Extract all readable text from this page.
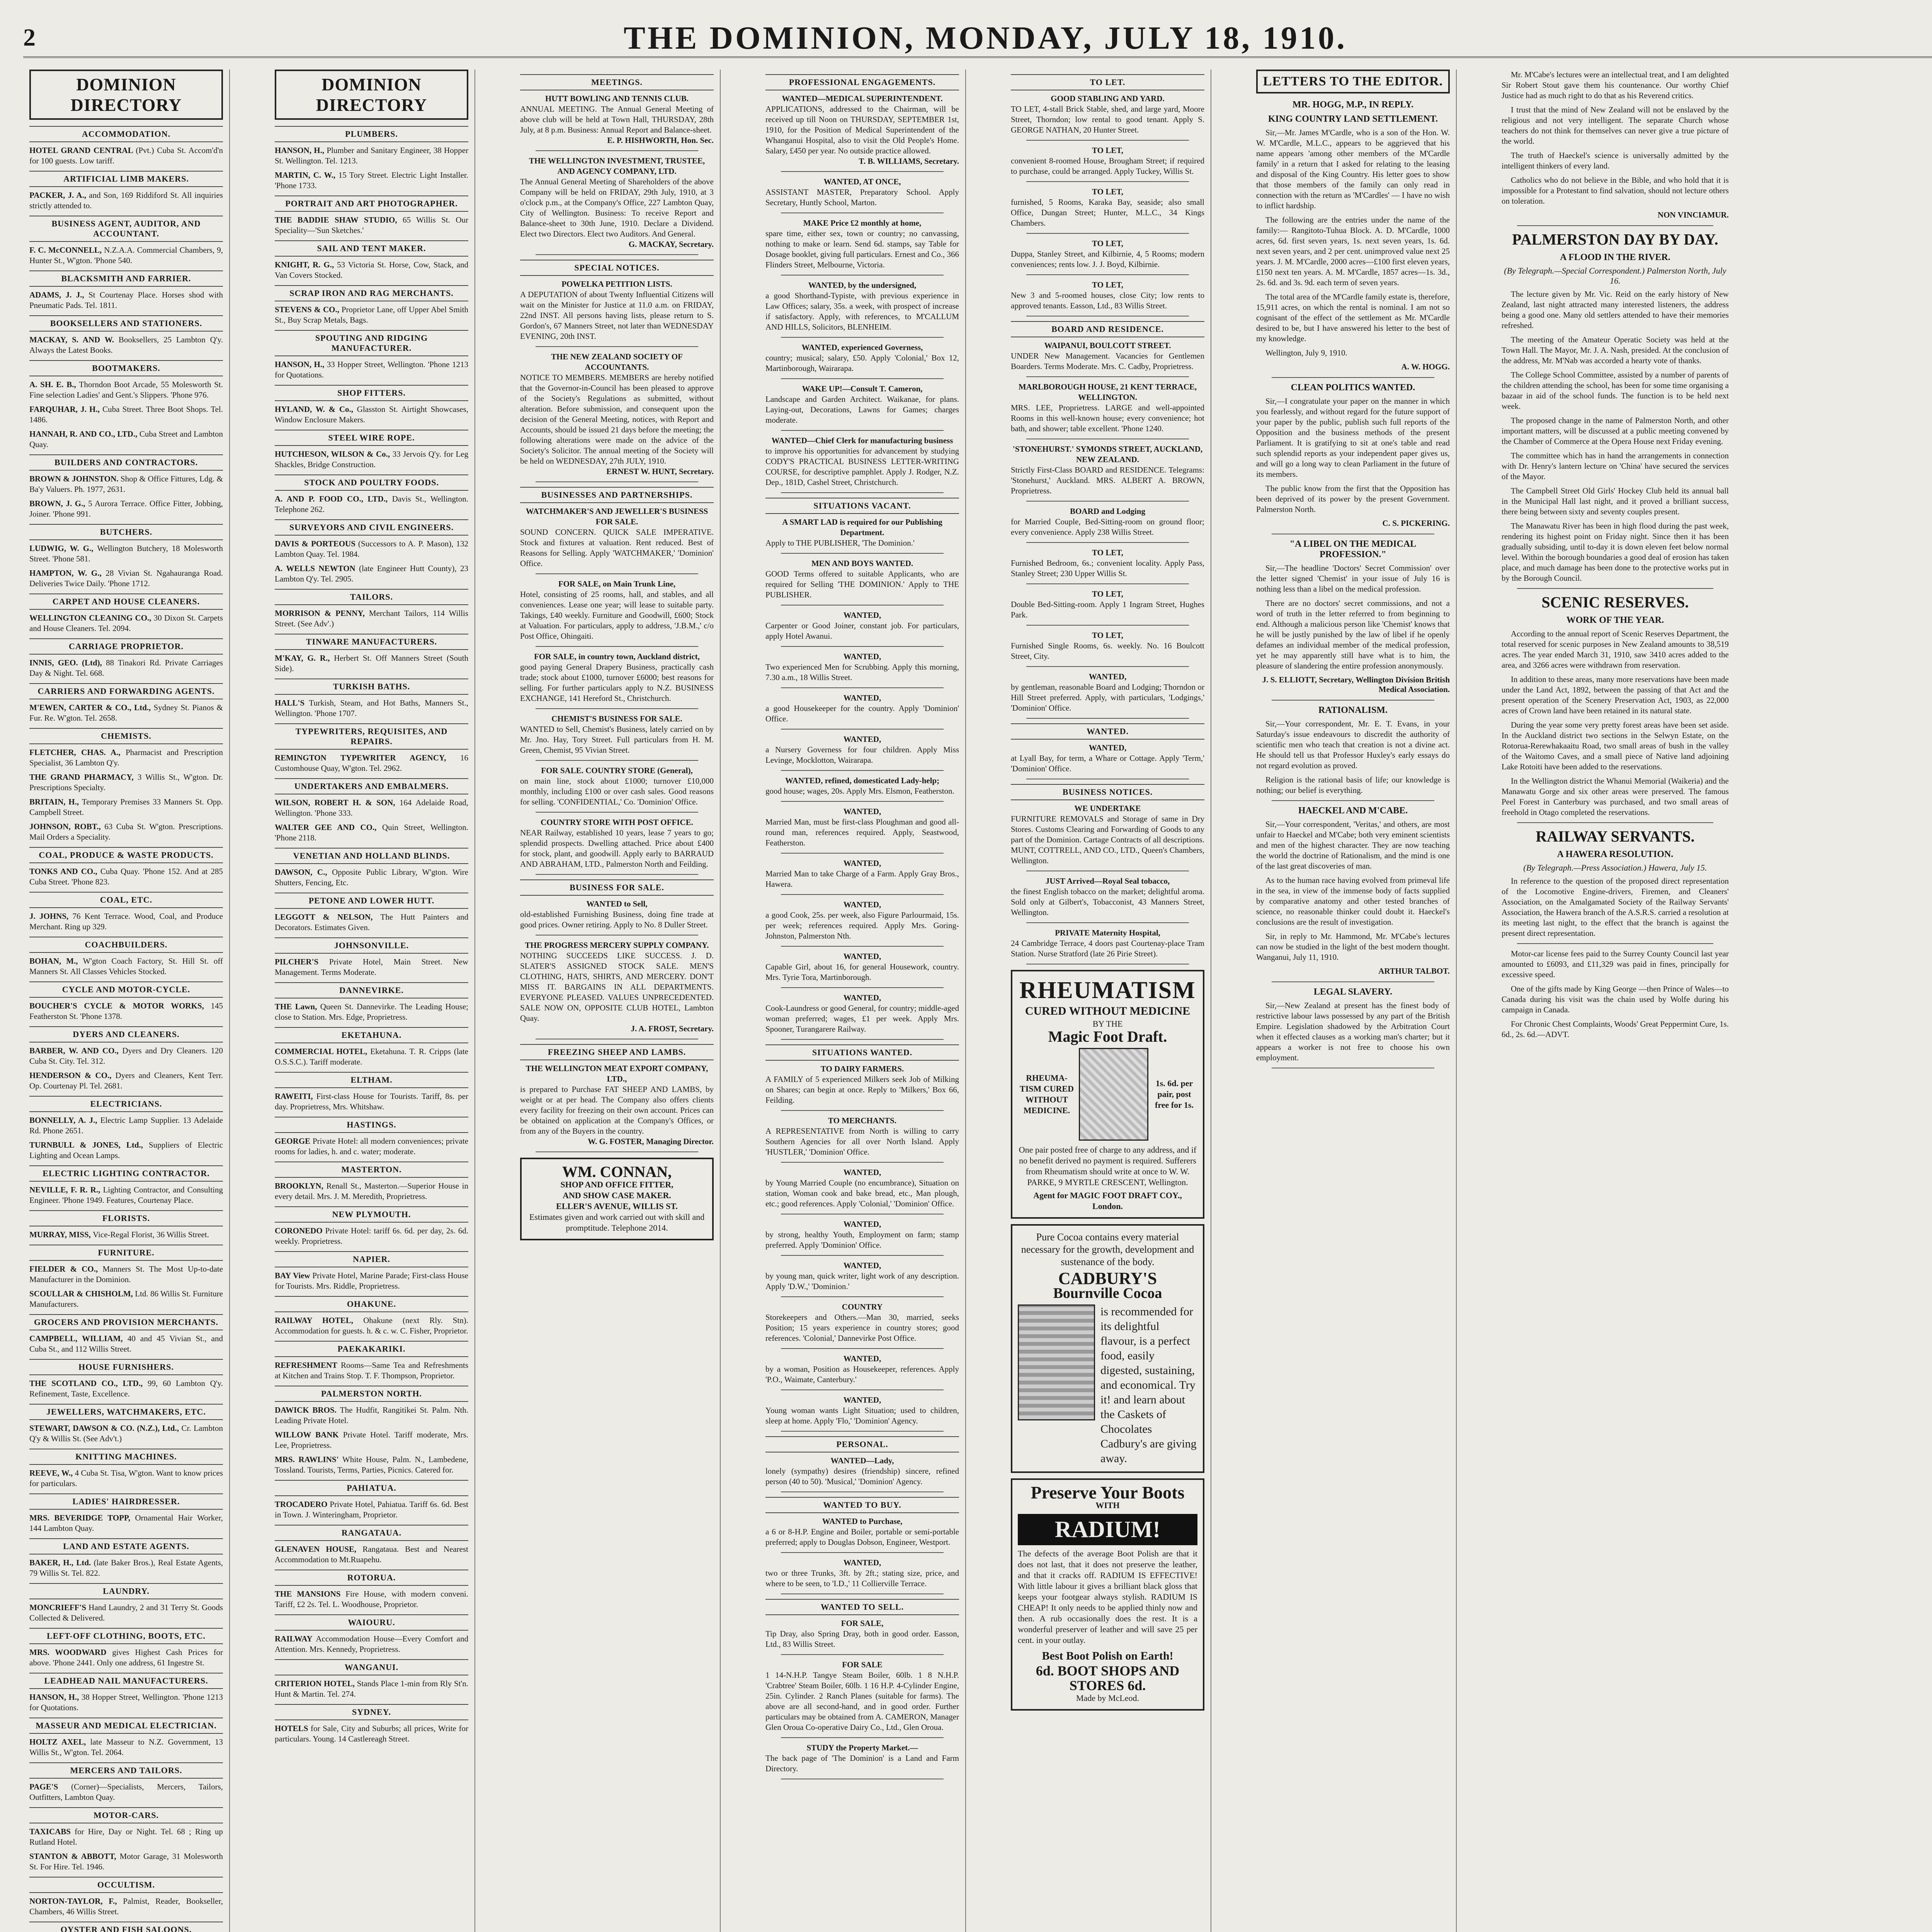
2	THE DOMINION, MONDAY, JULY 18, 1910.
DOMINION DIRECTORY
ACCOMMODATION.
HOTEL GRAND CENTRAL (Pvt.) Cuba St. Accom'd'n for 100 guests. Low tariff.
ARTIFICIAL LIMB MAKERS.
PACKER, J. A., and Son, 169 Riddiford St. All inquiries strictly attended to.
BUSINESS AGENT, AUDITOR, AND ACCOUNTANT.
F. C. McCONNELL, N.Z.A.A. Commercial Chambers, 9, Hunter St., W'gton. 'Phone 540.
BLACKSMITH AND FARRIER.
ADAMS, J. J., St Courtenay Place. Horses shod with Pneumatic Pads. Tel. 1811.
BOOKSELLERS AND STATIONERS.
MACKAY, S. AND W. Booksellers, 25 Lambton Q'y. Always the Latest Books.
BOOTMAKERS.
A. SH. E. B., Thorndon Boot Arcade, 55 Molesworth St. Fine selection Ladies' and Gent.'s Slippers. 'Phone 976.
FARQUHAR, J. H., Cuba Street. Three Boot Shops. Tel. 1486.
HANNAH, R. AND CO., LTD., Cuba Street and Lambton Quay.
BUILDERS AND CONTRACTORS.
BROWN & JOHNSTON. Shop & Office Fittures, Ldg. & Ba'y Valuers. Ph. 1977, 2631.
BROWN, J. G., 5 Aurora Terrace. Office Fitter, Jobbing, Joiner. 'Phone 991.
BUTCHERS.
LUDWIG, W. G., Wellington Butchery, 18 Molesworth Street. 'Phone 581.
HAMPTON, W. G., 28 Vivian St. Ngahauranga Road. Deliveries Twice Daily. 'Phone 1712.
CARPET AND HOUSE CLEANERS.
WELLINGTON CLEANING CO., 30 Dixon St. Carpets and House Cleaners. Tel. 2094.
CARRIAGE PROPRIETOR.
INNIS, GEO. (Ltd), 88 Tinakori Rd. Private Carriages Day & Night. Tel. 668.
CARRIERS AND FORWARDING AGENTS.
M'EWEN, CARTER & CO., Ltd., Sydney St. Pianos & Fur. Re. W'gton. Tel. 2658.
CHEMISTS.
FLETCHER, CHAS. A., Pharmacist and Prescription Specialist, 36 Lambton Q'y.
THE GRAND PHARMACY, 3 Willis St., W'gton. Dr. Prescriptions Specialty.
BRITAIN, H., Temporary Premises 33 Manners St. Opp. Campbell Street.
JOHNSON, ROBT., 63 Cuba St. W'gton. Prescriptions. Mail Orders a Speciality.
COAL, PRODUCE & WASTE PRODUCTS.
TONKS AND CO., Cuba Quay. 'Phone 152. And at 285 Cuba Street. 'Phone 823.
COAL, ETC.
J. JOHNS, 76 Kent Terrace. Wood, Coal, and Produce Merchant. Ring up 329.
COACHBUILDERS.
BOHAN, M., W'gton Coach Factory, St. Hill St. off Manners St. All Classes Vehicles Stocked.
CYCLE AND MOTOR-CYCLE.
BOUCHER'S CYCLE & MOTOR WORKS, 145 Featherston St. 'Phone 1378.
DYERS AND CLEANERS.
BARBER, W. AND CO., Dyers and Dry Cleaners. 120 Cuba St. City. Tel. 312.
HENDERSON & CO., Dyers and Cleaners, Kent Terr. Op. Courtenay Pl. Tel. 2681.
ELECTRICIANS.
BONNELLY, A. J., Electric Lamp Supplier. 13 Adelaide Rd. Phone 2651.
TURNBULL & JONES, Ltd., Suppliers of Electric Lighting and Ocean Lamps.
ELECTRIC LIGHTING CONTRACTOR.
NEVILLE, F. R. R., Lighting Contractor, and Consulting Engineer. 'Phone 1949. Features, Courtenay Place.
FLORISTS.
MURRAY, MISS, Vice-Regal Florist, 36 Willis Street.
FURNITURE.
FIELDER & CO., Manners St. The Most Up-to-date Manufacturer in the Dominion.
SCOULLAR & CHISHOLM, Ltd. 86 Willis St. Furniture Manufacturers.
GROCERS AND PROVISION MERCHANTS.
CAMPBELL, WILLIAM, 40 and 45 Vivian St., and Cuba St., and 112 Willis Street.
HOUSE FURNISHERS.
THE SCOTLAND CO., LTD., 99, 60 Lambton Q'y. Refinement, Taste, Excellence.
JEWELLERS, WATCHMAKERS, ETC.
STEWART, DAWSON & CO. (N.Z.), Ltd., Cr. Lambton Q'y & Willis St. (See Adv't.)
KNITTING MACHINES.
REEVE, W., 4 Cuba St. Tisa, W'gton. Want to know prices for particulars.
LADIES' HAIRDRESSER.
MRS. BEVERIDGE TOPP, Ornamental Hair Worker, 144 Lambton Quay.
LAND AND ESTATE AGENTS.
BAKER, H., Ltd. (late Baker Bros.), Real Estate Agents, 79 Willis St. Tel. 822.
LAUNDRY.
MONCRIEFF'S Hand Laundry, 2 and 31 Terry St. Goods Collected & Delivered.
LEFT-OFF CLOTHING, BOOTS, ETC.
MRS. WOODWARD gives Highest Cash Prices for above. 'Phone 2441. Only one address, 61 Ingestre St.
LEADHEAD NAIL MANUFACTURERS.
HANSON, H., 38 Hopper Street, Wellington. 'Phone 1213 for Quotations.
MASSEUR AND MEDICAL ELECTRICIAN.
HOLTZ AXEL, late Masseur to N.Z. Government, 13 Willis St., W'gton. Tel. 2064.
MERCERS AND TAILORS.
PAGE'S (Corner)—Specialists, Mercers, Tailors, Outfitters, Lambton Quay.
MOTOR-CARS.
TAXICABS for Hire, Day or Night. Tel. 68 ; Ring up Rutland Hotel.
STANTON & ABBOTT, Motor Garage, 31 Molesworth St. For Hire. Tel. 1946.
OCCULTISM.
NORTON-TAYLOR, F., Palmist, Reader, Bookseller, Chambers, 46 Willis Street.
OYSTER AND FISH SALOONS.
DOMINION DIRECTORY
PLUMBERS.
HANSON, H., Plumber and Sanitary Engineer, 38 Hopper St. Wellington. Tel. 1213.
MARTIN, C. W., 15 Tory Street. Electric Light Installer. 'Phone 1733.
PORTRAIT AND ART PHOTOGRAPHER.
THE BADDIE SHAW STUDIO, 65 Willis St. Our Speciality—'Sun Sketches.'
SAIL AND TENT MAKER.
KNIGHT, R. G., 53 Victoria St. Horse, Cow, Stack, and Van Covers Stocked.
SCRAP IRON AND RAG MERCHANTS.
STEVENS & CO., Proprietor Lane, off Upper Abel Smith St., Buy Scrap Metals, Bags.
SPOUTING AND RIDGING MANUFACTURER.
HANSON, H., 33 Hopper Street, Wellington. 'Phone 1213 for Quotations.
SHOP FITTERS.
HYLAND, W. & Co., Glasston St. Airtight Showcases, Window Enclosure Makers.
STEEL WIRE ROPE.
HUTCHESON, WILSON & Co., 33 Jervois Q'y. for Leg Shackles, Bridge Construction.
STOCK AND POULTRY FOODS.
A. AND P. FOOD CO., LTD., Davis St., Wellington. Telephone 262.
SURVEYORS AND CIVIL ENGINEERS.
DAVIS & PORTEOUS (Successors to A. P. Mason), 132 Lambton Quay. Tel. 1984.
A. WELLS NEWTON (late Engineer Hutt County), 23 Lambton Q'y. Tel. 2905.
TAILORS.
MORRISON & PENNY, Merchant Tailors, 114 Willis Street. (See Adv'.)
TINWARE MANUFACTURERS.
M'KAY, G. R., Herbert St. Off Manners Street (South Side).
TURKISH BATHS.
HALL'S Turkish, Steam, and Hot Baths, Manners St., Wellington. 'Phone 1707.
TYPEWRITERS, REQUISITES, AND REPAIRS.
REMINGTON TYPEWRITER AGENCY, 16 Customhouse Quay, W'gton. Tel. 2962.
UNDERTAKERS AND EMBALMERS.
WILSON, ROBERT H. & SON, 164 Adelaide Road, Wellington. 'Phone 333.
WALTER GEE AND CO., Quin Street, Wellington. 'Phone 2118.
VENETIAN AND HOLLAND BLINDS.
DAWSON, C., Opposite Public Library, W'gton. Wire Shutters, Fencing, Etc.
PETONE AND LOWER HUTT.
LEGGOTT & NELSON, The Hutt Painters and Decorators. Estimates Given.
JOHNSONVILLE.
PILCHER'S Private Hotel, Main Street. New Management. Terms Moderate.
DANNEVIRKE.
THE Lawn, Queen St. Dannevirke. The Leading House; close to Station. Mrs. Edge, Proprietress.
EKETAHUNA.
COMMERCIAL HOTEL, Eketahuna. T. R. Cripps (late O.S.S.C.). Tariff moderate.
ELTHAM.
RAWEITI, First-class House for Tourists. Tariff, 8s. per day. Proprietress, Mrs. Whitshaw.
HASTINGS.
GEORGE Private Hotel: all modern conveniences; private rooms for ladies, h. and c. water; moderate.
MASTERTON.
BROOKLYN, Renall St., Masterton.—Superior House in every detail. Mrs. J. M. Meredith, Proprietress.
NEW PLYMOUTH.
CORONEDO Private Hotel: tariff 6s. 6d. per day, 2s. 6d. weekly. Proprietress.
NAPIER.
BAY View Private Hotel, Marine Parade; First-class House for Tourists. Mrs. Riddle, Proprietress.
OHAKUNE.
RAILWAY HOTEL, Ohakune (next Rly. Stn). Accommodation for guests. h. & c. w. C. Fisher, Proprietor.
PAEKAKARIKI.
REFRESHMENT Rooms—Same Tea and Refreshments at Kitchen and Trains Stop. T. F. Thompson, Proprietor.
PALMERSTON NORTH.
DAWICK BROS. The Hudfit, Rangitikei St. Palm. Nth. Leading Private Hotel.
WILLOW BANK Private Hotel. Tariff moderate, Mrs. Lee, Proprietress.
MRS. RAWLINS' White House, Palm. N., Lambedene, Tossland. Tourists, Terms, Parties, Picnics. Catered for.
PAHIATUA.
TROCADERO Private Hotel, Pahiatua. Tariff 6s. 6d. Best in Town. J. Winteringham, Proprietor.
RANGATAUA.
GLENAVEN HOUSE, Rangataua. Best and Nearest Accommodation to Mt.Ruapehu.
ROTORUA.
THE MANSIONS Fire House, with modern conveni. Tariff, £2 2s. Tel. L. Woodhouse, Proprietor.
WAIOURU.
RAILWAY Accommodation House—Every Comfort and Attention. Mrs. Kennedy, Proprietress.
WANGANUI.
CRITERION HOTEL, Stands Place 1-min from Rly St'n. Hunt & Martin. Tel. 274.
SYDNEY.
HOTELS for Sale, City and Suburbs; all prices, Write for particulars. Young. 14 Castlereagh Street.
MEETINGS.
HUTT BOWLING AND TENNIS CLUB.
ANNUAL MEETING. The Annual General Meeting of above club will be held at Town Hall, THURSDAY, 28th July, at 8 p.m. Business: Annual Report and Balance-sheet.
E. P. HISHWORTH, Hon. Sec.
THE WELLINGTON INVESTMENT, TRUSTEE, AND AGENCY COMPANY, LTD.
The Annual General Meeting of Shareholders of the above Company will be held on FRIDAY, 29th July, 1910, at 3 o'clock p.m., at the Company's Office, 227 Lambton Quay, City of Wellington. Business: To receive Report and Balance-sheet to 30th June, 1910. Declare a Dividend. Elect two Directors. Elect two Auditors. And General.
G. MACKAY, Secretary.
SPECIAL NOTICES.
POWELKA PETITION LISTS.
A DEPUTATION of about Twenty Influential Citizens will wait on the Minister for Justice at 11.0 a.m. on FRIDAY, 22nd INST. All persons having lists, please return to S. Gordon's, 67 Manners Street, not later than WEDNESDAY EVENING, 20th INST.
THE NEW ZEALAND SOCIETY OF ACCOUNTANTS.
NOTICE TO MEMBERS. MEMBERS are hereby notified that the Governor-in-Council has been pleased to approve of the Society's Regulations as submitted, without alteration. Before submission, and consequent upon the decision of the General Meeting, notices, with Report and Accounts, should be issued 21 days before the meeting; the following alterations were made on the advice of the Society's Solicitor. The annual meeting of the Society will be held on WEDNESDAY, 27th JULY, 1910.
ERNEST W. HUNT, Secretary.
BUSINESSES AND PARTNERSHIPS.
WATCHMAKER'S AND JEWELLER'S BUSINESS FOR SALE.
SOUND CONCERN. QUICK SALE IMPERATIVE. Stock and fixtures at valuation. Rent reduced. Best of Reasons for Selling. Apply 'WATCHMAKER,' 'Dominion' Office.
FOR SALE, on Main Trunk Line,
Hotel, consisting of 25 rooms, hall, and stables, and all conveniences. Lease one year; will lease to suitable party. Takings, £40 weekly. Furniture and Goodwill, £600; Stock at Valuation. For particulars, apply to address, 'J.B.M.,' c/o Post Office, Ohingaiti.
FOR SALE, in country town, Auckland district,
good paying General Drapery Business, practically cash trade; stock about £1000, turnover £6000; best reasons for selling. For further particulars apply to N.Z. BUSINESS EXCHANGE, 141 Hereford St., Christchurch.
CHEMIST'S BUSINESS FOR SALE.
WANTED to Sell, Chemist's Business, lately carried on by Mr. Jno. Hay, Tory Street. Full particulars from H. M. Green, Chemist, 95 Vivian Street.
FOR SALE. COUNTRY STORE (General),
on main line, stock about £1000; turnover £10,000 monthly, including £100 or over cash sales. Good reasons for selling. 'CONFIDENTIAL,' Co. 'Dominion' Office.
COUNTRY STORE WITH POST OFFICE.
NEAR Railway, established 10 years, lease 7 years to go; splendid prospects. Dwelling attached. Price about £400 for stock, plant, and goodwill. Apply early to BARRAUD AND ABRAHAM, LTD., Palmerston North and Feilding.
BUSINESS FOR SALE.
WANTED to Sell,
old-established Furnishing Business, doing fine trade at good prices. Owner retiring. Apply to No. 8 Duller Street.
THE PROGRESS MERCERY SUPPLY COMPANY.
NOTHING SUCCEEDS LIKE SUCCESS. J. D. SLATER'S ASSIGNED STOCK SALE. MEN'S CLOTHING, HATS, SHIRTS, AND MERCERY. DON'T MISS IT. BARGAINS IN ALL DEPARTMENTS. EVERYONE PLEASED. VALUES UNPRECEDENTED. SALE NOW ON, OPPOSITE CLUB HOTEL, Lambton Quay.
J. A. FROST, Secretary.
FREEZING SHEEP AND LAMBS.
THE WELLINGTON MEAT EXPORT COMPANY, LTD.,
is prepared to Purchase FAT SHEEP AND LAMBS, by weight or at per head. The Company also offers clients every facility for freezing on their own account. Prices can be obtained on application at the Company's Offices, or from any of the Buyers in the country.
W. G. FOSTER, Managing Director.
WM. CONNAN,
SHOP AND OFFICE FITTER,
AND SHOW CASE MAKER.
ELLER'S AVENUE, WILLIS ST.
Estimates given and work carried out with skill and promptitude. Telephone 2014.
PROFESSIONAL ENGAGEMENTS.
WANTED—MEDICAL SUPERINTENDENT.
APPLICATIONS, addressed to the Chairman, will be received up till Noon on THURSDAY, SEPTEMBER 1st, 1910, for the Position of Medical Superintendent of the Whanganui Hospital, also to visit the Old People's Home. Salary, £450 per year. No outside practice allowed.
T. B. WILLIAMS, Secretary.
WANTED, AT ONCE,
ASSISTANT MASTER, Preparatory School. Apply Secretary, Huntly School, Marton.
MAKE Price £2 monthly at home,
spare time, either sex, town or country; no canvassing, nothing to make or learn. Send 6d. stamps, say Table for Dosage booklet, giving full particulars. Ernest and Co., 366 Flinders Street, Melbourne, Victoria.
WANTED, by the undersigned,
a good Shorthand-Typiste, with previous experience in Law Offices; salary, 35s. a week, with prospect of increase if satisfactory. Apply, with references, to M'CALLUM AND HILLS, Solicitors, BLENHEIM.
WANTED, experienced Governess,
country; musical; salary, £50. Apply 'Colonial,' Box 12, Martinborough, Wairarapa.
WAKE UP!—Consult T. Cameron,
Landscape and Garden Architect. Waikanae, for plans. Laying-out, Decorations, Lawns for Games; charges moderate.
WANTED—Chief Clerk for manufacturing business
to improve his opportunities for advancement by studying CODY'S PRACTICAL BUSINESS LETTER-WRITING COURSE, for descriptive pamphlet. Apply J. Rodger, N.Z. Dep., 181D, Cashel Street, Christchurch.
SITUATIONS VACANT.
A SMART LAD is required for our Publishing Department.
Apply to THE PUBLISHER, 'The Dominion.'
MEN AND BOYS WANTED.
GOOD Terms offered to suitable Applicants, who are required for Selling 'THE DOMINION.' Apply to THE PUBLISHER.
WANTED,
Carpenter or Good Joiner, constant job. For particulars, apply Hotel Awanui.
WANTED,
Two experienced Men for Scrubbing. Apply this morning, 7.30 a.m., 18 Willis Street.
WANTED,
a good Housekeeper for the country. Apply 'Dominion' Office.
WANTED,
a Nursery Governess for four children. Apply Miss Levinge, Mocklotton, Wairarapa.
WANTED, refined, domesticated Lady-help;
good house; wages, 20s. Apply Mrs. Elsmon, Featherston.
WANTED,
Married Man, must be first-class Ploughman and good all-round man, references required. Apply, Seastwood, Featherston.
WANTED,
Married Man to take Charge of a Farm. Apply Gray Bros., Hawera.
WANTED,
a good Cook, 25s. per week, also Figure Parlourmaid, 15s. per week; references required. Apply Mrs. Goring-Johnston, Palmerston Nth.
WANTED,
Capable Girl, about 16, for general Housework, country. Mrs. Tyrie Tora, Martinborough.
WANTED,
Cook-Laundress or good General, for country; middle-aged woman preferred; wages, £1 per week. Apply Mrs. Spooner, Turangarere Railway.
SITUATIONS WANTED.
TO DAIRY FARMERS.
A FAMILY of 5 experienced Milkers seek Job of Milking on Shares; can begin at once. Reply to 'Milkers,' Box 66, Feilding.
TO MERCHANTS.
A REPRESENTATIVE from North is willing to carry Southern Agencies for all over North Island. Apply 'HUSTLER,' 'Dominion' Office.
WANTED,
by Young Married Couple (no encumbrance), Situation on station, Woman cook and bake bread, etc., Man plough, etc.; good references. Apply 'Colonial,' 'Dominion' Office.
WANTED,
by strong, healthy Youth, Employment on farm; stamp preferred. Apply 'Dominion' Office.
WANTED,
by young man, quick writer, light work of any description. Apply 'D.W.,' 'Dominion.'
COUNTRY
Storekeepers and Others.—Man 30, married, seeks Position; 15 years experience in country stores; good references. 'Colonial,' Dannevirke Post Office.
WANTED,
by a woman, Position as Housekeeper, references. Apply 'P.O., Waimate, Canterbury.'
WANTED,
Young woman wants Light Situation; used to children, sleep at home. Apply 'Flo,' 'Dominion' Agency.
PERSONAL.
WANTED—Lady,
lonely (sympathy) desires (friendship) sincere, refined person (40 to 50). 'Musical,' 'Dominion' Agency.
WANTED TO BUY.
WANTED to Purchase,
a 6 or 8-H.P. Engine and Boiler, portable or semi-portable preferred; apply to Douglas Dobson, Engineer, Westport.
WANTED,
two or three Trunks, 3ft. by 2ft.; stating size, price, and where to be seen, to 'I.D.,' 11 Collierville Terrace.
WANTED TO SELL.
FOR SALE,
Tip Dray, also Spring Dray, both in good order. Easson, Ltd., 83 Willis Street.
FOR SALE
1 14-N.H.P. Tangye Steam Boiler, 60lb. 1 8 N.H.P. 'Crabtree' Steam Boiler, 60lb. 1 16 H.P. 4-Cylinder Engine, 25in. Cylinder. 2 Ranch Planes (suitable for farms). The above are all second-hand, and in good order. Further particulars may be obtained from A. CAMERON, Manager Glen Oroua Co-operative Dairy Co., Ltd., Glen Oroua.
STUDY the Property Market.—
The back page of 'The Dominion' is a Land and Farm Directory.
TO LET.
GOOD STABLING AND YARD.
TO LET, 4-stall Brick Stable, shed, and large yard, Moore Street, Thorndon; low rental to good tenant. Apply S. GEORGE NATHAN, 20 Hunter Street.
TO LET,
convenient 8-roomed House, Brougham Street; if required to purchase, could be arranged. Apply Tuckey, Willis St.
TO LET,
furnished, 5 Rooms, Karaka Bay, seaside; also small Office, Dungan Street; Hunter, M.L.C., 34 Kings Chambers.
TO LET,
Duppa, Stanley Street, and Kilbirnie, 4, 5 Rooms; modern conveniences; rents low. J. J. Boyd, Kilbirnie.
TO LET,
New 3 and 5-roomed houses, close City; low rents to approved tenants. Easson, Ltd., 83 Willis Street.
BOARD AND RESIDENCE.
WAIPANUI, BOULCOTT STREET.
UNDER New Management. Vacancies for Gentlemen Boarders. Terms Moderate. Mrs. C. Cadby, Proprietress.
MARLBOROUGH HOUSE, 21 KENT TERRACE, WELLINGTON.
MRS. LEE, Proprietress. LARGE and well-appointed Rooms in this well-known house; every convenience; hot bath, and shower; table excellent. 'Phone 1240.
'STONEHURST.' SYMONDS STREET, AUCKLAND, NEW ZEALAND.
Strictly First-Class BOARD and RESIDENCE. Telegrams: 'Stonehurst,' Auckland. MRS. ALBERT A. BROWN, Proprietress.
BOARD and Lodging
for Married Couple, Bed-Sitting-room on ground floor; every convenience. Apply 238 Willis Street.
TO LET,
Furnished Bedroom, 6s.; convenient locality. Apply Pass, Stanley Street; 230 Upper Willis St.
TO LET,
Double Bed-Sitting-room. Apply 1 Ingram Street, Hughes Park.
TO LET,
Furnished Single Rooms, 6s. weekly. No. 16 Boulcott Street, City.
WANTED,
by gentleman, reasonable Board and Lodging; Thorndon or Hill Street preferred. Apply, with particulars, 'Lodgings,' 'Dominion' Office.
WANTED.
WANTED,
at Lyall Bay, for term, a Whare or Cottage. Apply 'Term,' 'Dominion' Office.
BUSINESS NOTICES.
WE UNDERTAKE
FURNITURE REMOVALS and Storage of same in Dry Stores. Customs Clearing and Forwarding of Goods to any part of the Dominion. Cartage Contracts of all descriptions. MUNT, COTTRELL, AND CO., LTD., Queen's Chambers, Wellington.
JUST Arrived—Royal Seal tobacco,
the finest English tobacco on the market; delightful aroma. Sold only at Gilbert's, Tobacconist, 43 Manners Street, Wellington.
PRIVATE Maternity Hospital,
24 Cambridge Terrace, 4 doors past Courtenay-place Tram Station. Nurse Stratford (late 26 Pirie Street).
RHEUMATISM
CURED WITHOUT MEDICINE
BY THE
Magic Foot Draft.
RHEUMA-TISM CURED WITHOUT MEDICINE.
1s. 6d. per pair, post free for 1s.
One pair posted free of charge to any address, and if no benefit derived no payment is required. Sufferers from Rheumatism should write at once to W. W. PARKE, 9 MYRTLE CRESCENT, Wellington.
Agent for MAGIC FOOT DRAFT COY., London.
Pure Cocoa contains every material necessary for the growth, development and sustenance of the body.
CADBURY'S
Bournville Cocoa
is recommended for its delightful flavour, is a perfect food, easily digested, sustaining, and economical. Try it! and learn about the Caskets of Chocolates Cadbury's are giving away.
Preserve Your Boots
WITH
RADIUM!
The defects of the average Boot Polish are that it does not last, that it does not preserve the leather, and that it cracks off. RADIUM IS EFFECTIVE! With little labour it gives a brilliant black gloss that keeps your footgear always stylish. RADIUM IS CHEAP! It only needs to be applied thinly now and then. A rub occasionally does the rest. It is a wonderful preserver of leather and will save 25 per cent. in your outlay.
Best Boot Polish on Earth!
6d. BOOT SHOPS AND STORES 6d.
Made by McLeod.
LETTERS TO THE EDITOR.
MR. HOGG, M.P., IN REPLY.
KING COUNTRY LAND SETTLEMENT.

Sir,—Mr. James M'Cardle, who is a son of the Hon. W. W. M'Cardle, M.L.C., appears to be aggrieved that his name appears 'among other members of the M'Cardle family' in a return that I asked for relating to the leasing and disposal of the King Country. His letter goes to show that those members of the family can only read in connection with the return as 'M'Cardles' — I have no wish to inflict hardship.

The following are the entries under the name of the family:— Rangitoto-Tuhua Block. A. D. M'Cardle, 1000 acres, 6d. first seven years, 1s. next seven years, 1s. 6d. next seven years, and 2 per cent. unimproved value next 25 years. J. M. M'Cardle, 2000 acres—£100 first eleven years, £150 next ten years. A. M. M'Cardle, 1857 acres—1s. 3d., 2s. 6d. and 3s. 9d. each term of seven years.

The total area of the M'Cardle family estate is, therefore, 15,911 acres, on which the rental is nominal. I am not so cognisant of the effect of the settlement as Mr. M'Cardle desired to be, but I have answered his letter to the best of my knowledge.

Wellington, July 9, 1910.

A. W. HOGG.
CLEAN POLITICS WANTED.

Sir,—I congratulate your paper on the manner in which you fearlessly, and without regard for the future support of your paper by the public, publish such full reports of the Opposition and the business methods of the present Parliament. It is gratifying to sit at one's table and read such splendid reports as your independent paper gives us, and will go a long way to clean Parliament in the future of its members.

The public know from the first that the Opposition has been deprived of its power by the present Government. Palmerston North.

C. S. PICKERING.
"A LIBEL ON THE MEDICAL PROFESSION."

Sir,—The headline 'Doctors' Secret Commission' over the letter signed 'Chemist' in your issue of July 16 is nothing less than a libel on the medical profession.

There are no doctors' secret commissions, and not a word of truth in the letter referred to from beginning to end. Although a malicious person like 'Chemist' knows that he will be justly punished by the law of libel if he openly defames an individual member of the medical profession, yet he may apparently still have what is to him, the pleasure of slandering the entire profession anonymously.

J. S. ELLIOTT, Secretary, Wellington Division British Medical Association.
RATIONALISM.

Sir,—Your correspondent, Mr. E. T. Evans, in your Saturday's issue endeavours to discredit the authority of scientific men who teach that creation is not a divine act. He should tell us that Professor Huxley's early essays do not regard evolution as proved.

Religion is the rational basis of life; our knowledge is nothing; our belief is everything.

HAECKEL AND M'CABE.

Sir,—Your correspondent, 'Veritas,' and others, are most unfair to Haeckel and M'Cabe; both very eminent scientists and men of the highest character. They are now teaching the world the doctrine of Rationalism, and the mind is one of the last great discoveries of man.

As to the human race having evolved from primeval life in the sea, in view of the immense body of facts supplied by comparative anatomy and other tested branches of science, no reasonable thinker could doubt it. Haeckel's conclusions are the result of investigation.

Sir, in reply to Mr. Hammond, Mr. M'Cabe's lectures can now be studied in the light of the best modern thought. Wanganui, July 11, 1910.

ARTHUR TALBOT.
LEGAL SLAVERY.

Sir,—New Zealand at present has the finest body of restrictive labour laws possessed by any part of the British Empire. Legislation shadowed by the Arbitration Court when it effected clauses as a working man's charter; but it appears a worker is not free to choose his own employment.

Mr. M'Cabe's lectures were an intellectual treat, and I am delighted Sir Robert Stout gave them his countenance. Our worthy Chief Justice had as much right to do that as his Reverend critics.

I trust that the mind of New Zealand will not be enslaved by the religious and not very intelligent. The separate Church whose teachers do not think for themselves can never give a true picture of the world.

The truth of Haeckel's science is universally admitted by the intelligent thinkers of every land.

Catholics who do not believe in the Bible, and who hold that it is impossible for a Protestant to find salvation, should not lecture others on toleration.

NON VINCIAMUR.
PALMERSTON DAY BY DAY.
A FLOOD IN THE RIVER.
(By Telegraph.—Special Correspondent.) Palmerston North, July 16.

The lecture given by Mr. Vic. Reid on the early history of New Zealand, last night attracted many interested listeners, the address being a good one. Many old settlers attended to have their memories refreshed.

The meeting of the Amateur Operatic Society was held at the Town Hall. The Mayor, Mr. J. A. Nash, presided. At the conclusion of the address, Mr. M'Nab was accorded a hearty vote of thanks.

The College School Committee, assisted by a number of parents of the children attending the school, has been for some time organising a bazaar in aid of the school funds. The function is to be held next week.

The proposed change in the name of Palmerston North, and other important matters, will be discussed at a public meeting convened by the Chamber of Commerce at the Opera House next Friday evening.

The committee which has in hand the arrangements in connection with Dr. Henry's lantern lecture on 'China' have secured the services of the Mayor.

The Campbell Street Old Girls' Hockey Club held its annual ball in the Municipal Hall last night, and it proved a brilliant success, there being between sixty and seventy couples present.

The Manawatu River has been in high flood during the past week, rendering its highest point on Friday night. Since then it has been gradually subsiding, until to-day it is down eleven feet below normal level. Within the borough boundaries a good deal of erosion has taken place, and much damage has been done to the protective works put in by the Borough Council.

SCENIC RESERVES.
WORK OF THE YEAR.

According to the annual report of Scenic Reserves Department, the total reserved for scenic purposes in New Zealand amounts to 38,519 acres. The year ended March 31, 1910, saw 3410 acres added to the area, and 3266 acres were withdrawn from reservation.

In addition to these areas, many more reservations have been made under the Land Act, 1892, between the passing of that Act and the present operation of the Scenery Preservation Act, 1903, as 22,000 acres of Crown land have been retained in its natural state.

During the year some very pretty forest areas have been set aside. In the Auckland district two sections in the Selwyn Estate, on the Rotorua-Rerewhakaaitu Road, two small areas of bush in the valley of the Waitomo Caves, and a small piece of Native land adjoining Lake Rotoiti have been added to the reservations.

In the Wellington district the Whanui Memorial (Waikeria) and the Manawatu Gorge and six other areas were preserved. The famous Peel Forest in Canterbury was purchased, and two small areas of freehold in Otago completed the reservations.

RAILWAY SERVANTS.
A HAWERA RESOLUTION.
(By Telegraph.—Press Association.) Hawera, July 15.

In reference to the question of the proposed direct representation of the Locomotive Engine-drivers, Firemen, and Cleaners' Association, on the Amalgamated Society of the Railway Servants' Association, the Hawera branch of the A.S.R.S. carried a resolution at its meeting last night, to the effect that the branch is against the present direct representation.

Motor-car license fees paid to the Surrey County Council last year amounted to £6093, and £11,329 was paid in fines, principally for excessive speed.

One of the gifts made by King George —then Prince of Wales—to Canada during his visit was the chain used by Wolfe during his campaign in Canada.

For Chronic Chest Complaints, Woods' Great Peppermint Cure, 1s. 6d., 2s. 6d.—ADVT.
